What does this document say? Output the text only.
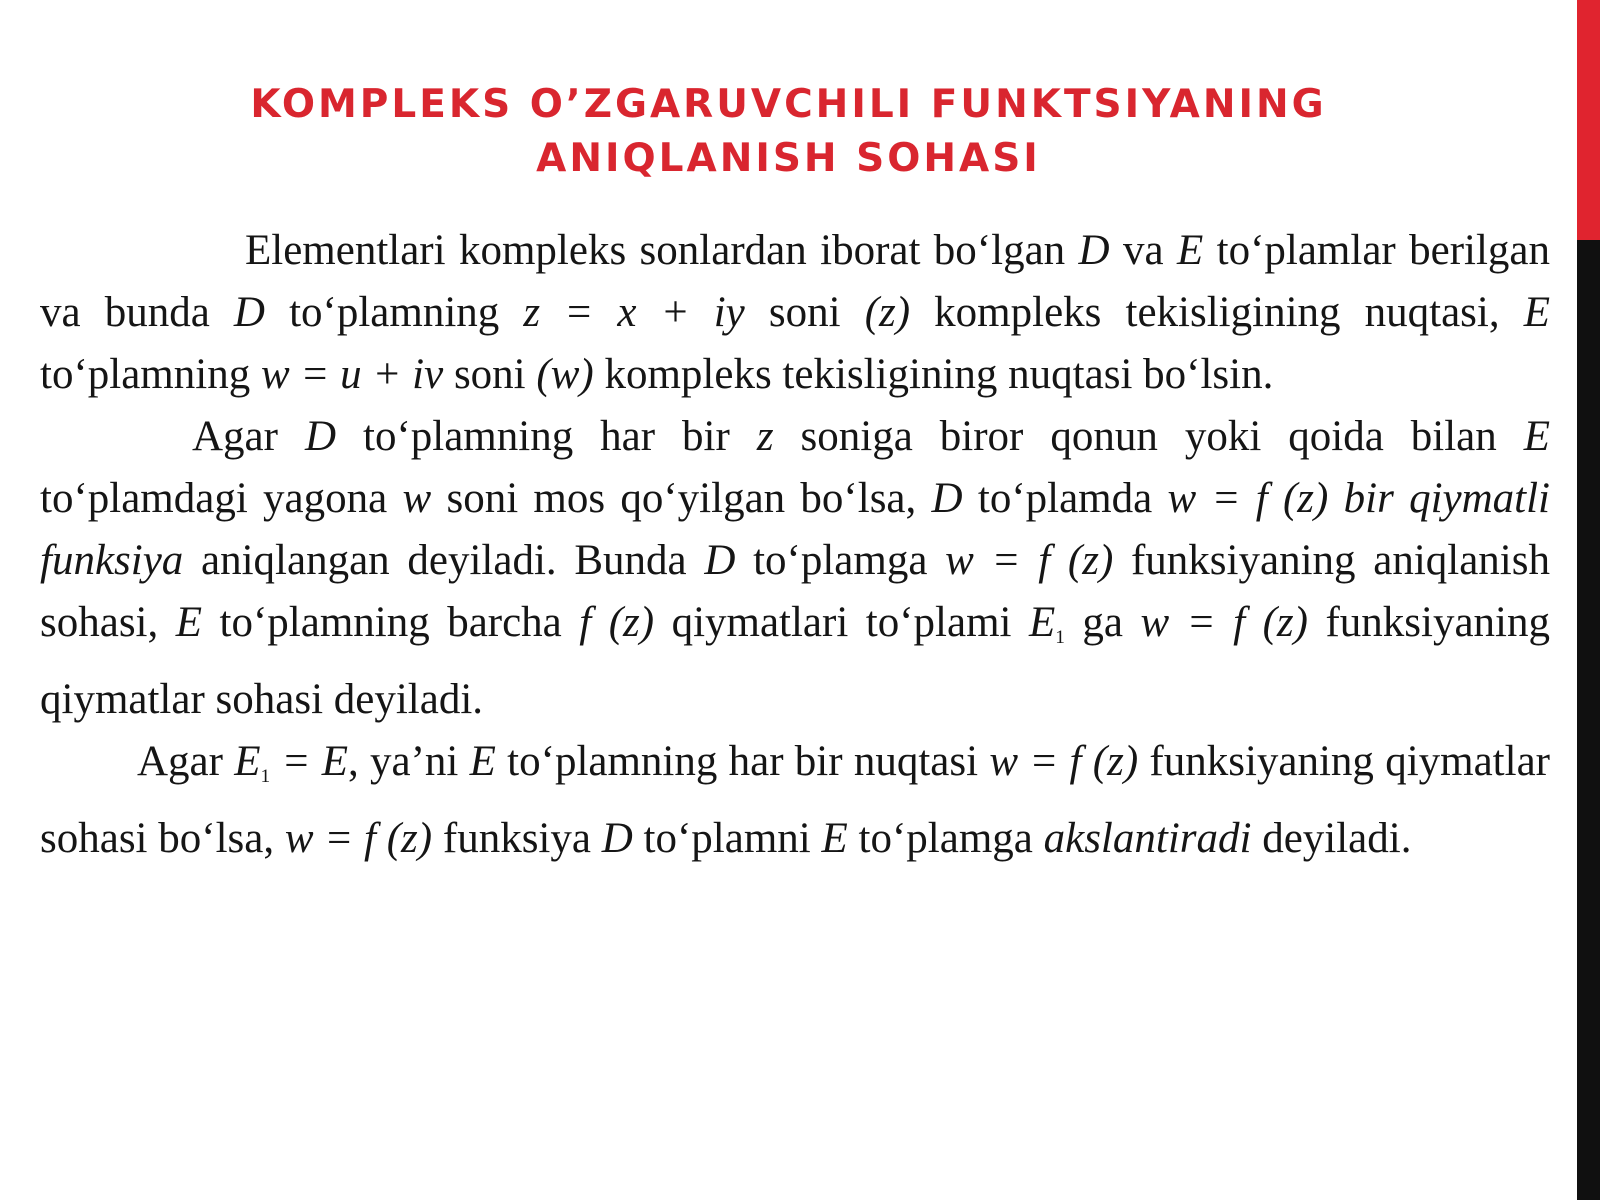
KOMPLEKS O’ZGARUVCHILI FUNKTSIYANING
ANIQLANISH SOHASI

Elementlari kompleks sonlardan iborat bo‘lgan D va E to‘plamlar berilgan va bunda D to‘plamning z = x + iy soni (z) kompleks tekisligining nuqtasi, E to‘plamning w = u + iv soni (w) kompleks tekisligining nuqtasi bo‘lsin.

Agar D to‘plamning har bir z soniga biror qonun yoki qoida bilan E to‘plamdagi yagona w soni mos qo‘yilgan bo‘lsa, D to‘plamda w = f (z) bir qiymatli funksiya aniqlangan deyiladi. Bunda D to‘plamga w = f (z) funksiyaning aniqlanish sohasi, E to‘plamning barcha f (z) qiymatlari to‘plami $E_1$ ga w = f (z) funksiyaning qiymatlar sohasi deyiladi.

Agar $E_1 = E$, ya’ni E to‘plamning har bir nuqtasi w = f (z) funksiyaning qiymatlar sohasi bo‘lsa, w = f (z) funksiya D to‘plamni E to‘plamga akslantiradi deyiladi.
